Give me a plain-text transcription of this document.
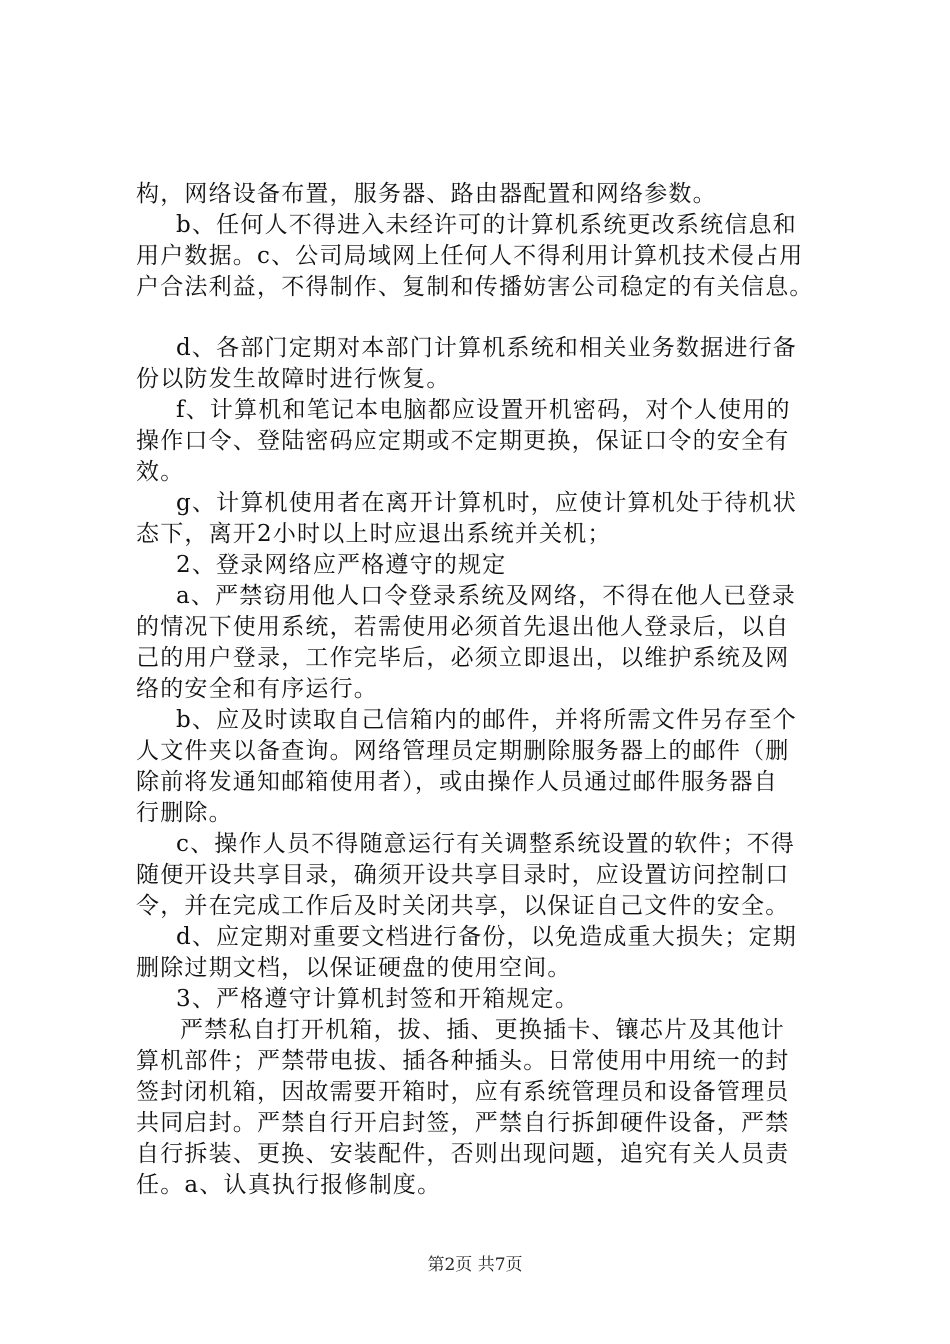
构，网络设备布置，服务器、路由器配置和网络参数。
b、任何人不得进入未经许可的计算机系统更改系统信息和
用户数据。c、公司局域网上任何人不得利用计算机技术侵占用
户合法利益，不得制作、复制和传播妨害公司稳定的有关信息。
d、各部门定期对本部门计算机系统和相关业务数据进行备
份以防发生故障时进行恢复。
f、计算机和笔记本电脑都应设置开机密码，对个人使用的
操作口令、登陆密码应定期或不定期更换，保证口令的安全有
效。
g、计算机使用者在离开计算机时，应使计算机处于待机状
态下，离开2小时以上时应退出系统并关机；
2、登录网络应严格遵守的规定
a、严禁窃用他人口令登录系统及网络，不得在他人已登录
的情况下使用系统，若需使用必须首先退出他人登录后，以自
己的用户登录，工作完毕后，必须立即退出，以维护系统及网
络的安全和有序运行。
b、应及时读取自己信箱内的邮件，并将所需文件另存至个
人文件夹以备查询。网络管理员定期删除服务器上的邮件（删
除前将发通知邮箱使用者），或由操作人员通过邮件服务器自
行删除。
c、操作人员不得随意运行有关调整系统设置的软件；不得
随便开设共享目录，确须开设共享目录时，应设置访问控制口
令，并在完成工作后及时关闭共享，以保证自己文件的安全。
d、应定期对重要文档进行备份，以免造成重大损失；定期
删除过期文档，以保证硬盘的使用空间。
3、严格遵守计算机封签和开箱规定。
严禁私自打开机箱，拔、插、更换插卡、镶芯片及其他计
算机部件；严禁带电拔、插各种插头。日常使用中用统一的封
签封闭机箱，因故需要开箱时，应有系统管理员和设备管理员
共同启封。严禁自行开启封签，严禁自行拆卸硬件设备，严禁
自行拆装、更换、安装配件，否则出现问题，追究有关人员责
任。a、认真执行报修制度。
第2页 共7页
